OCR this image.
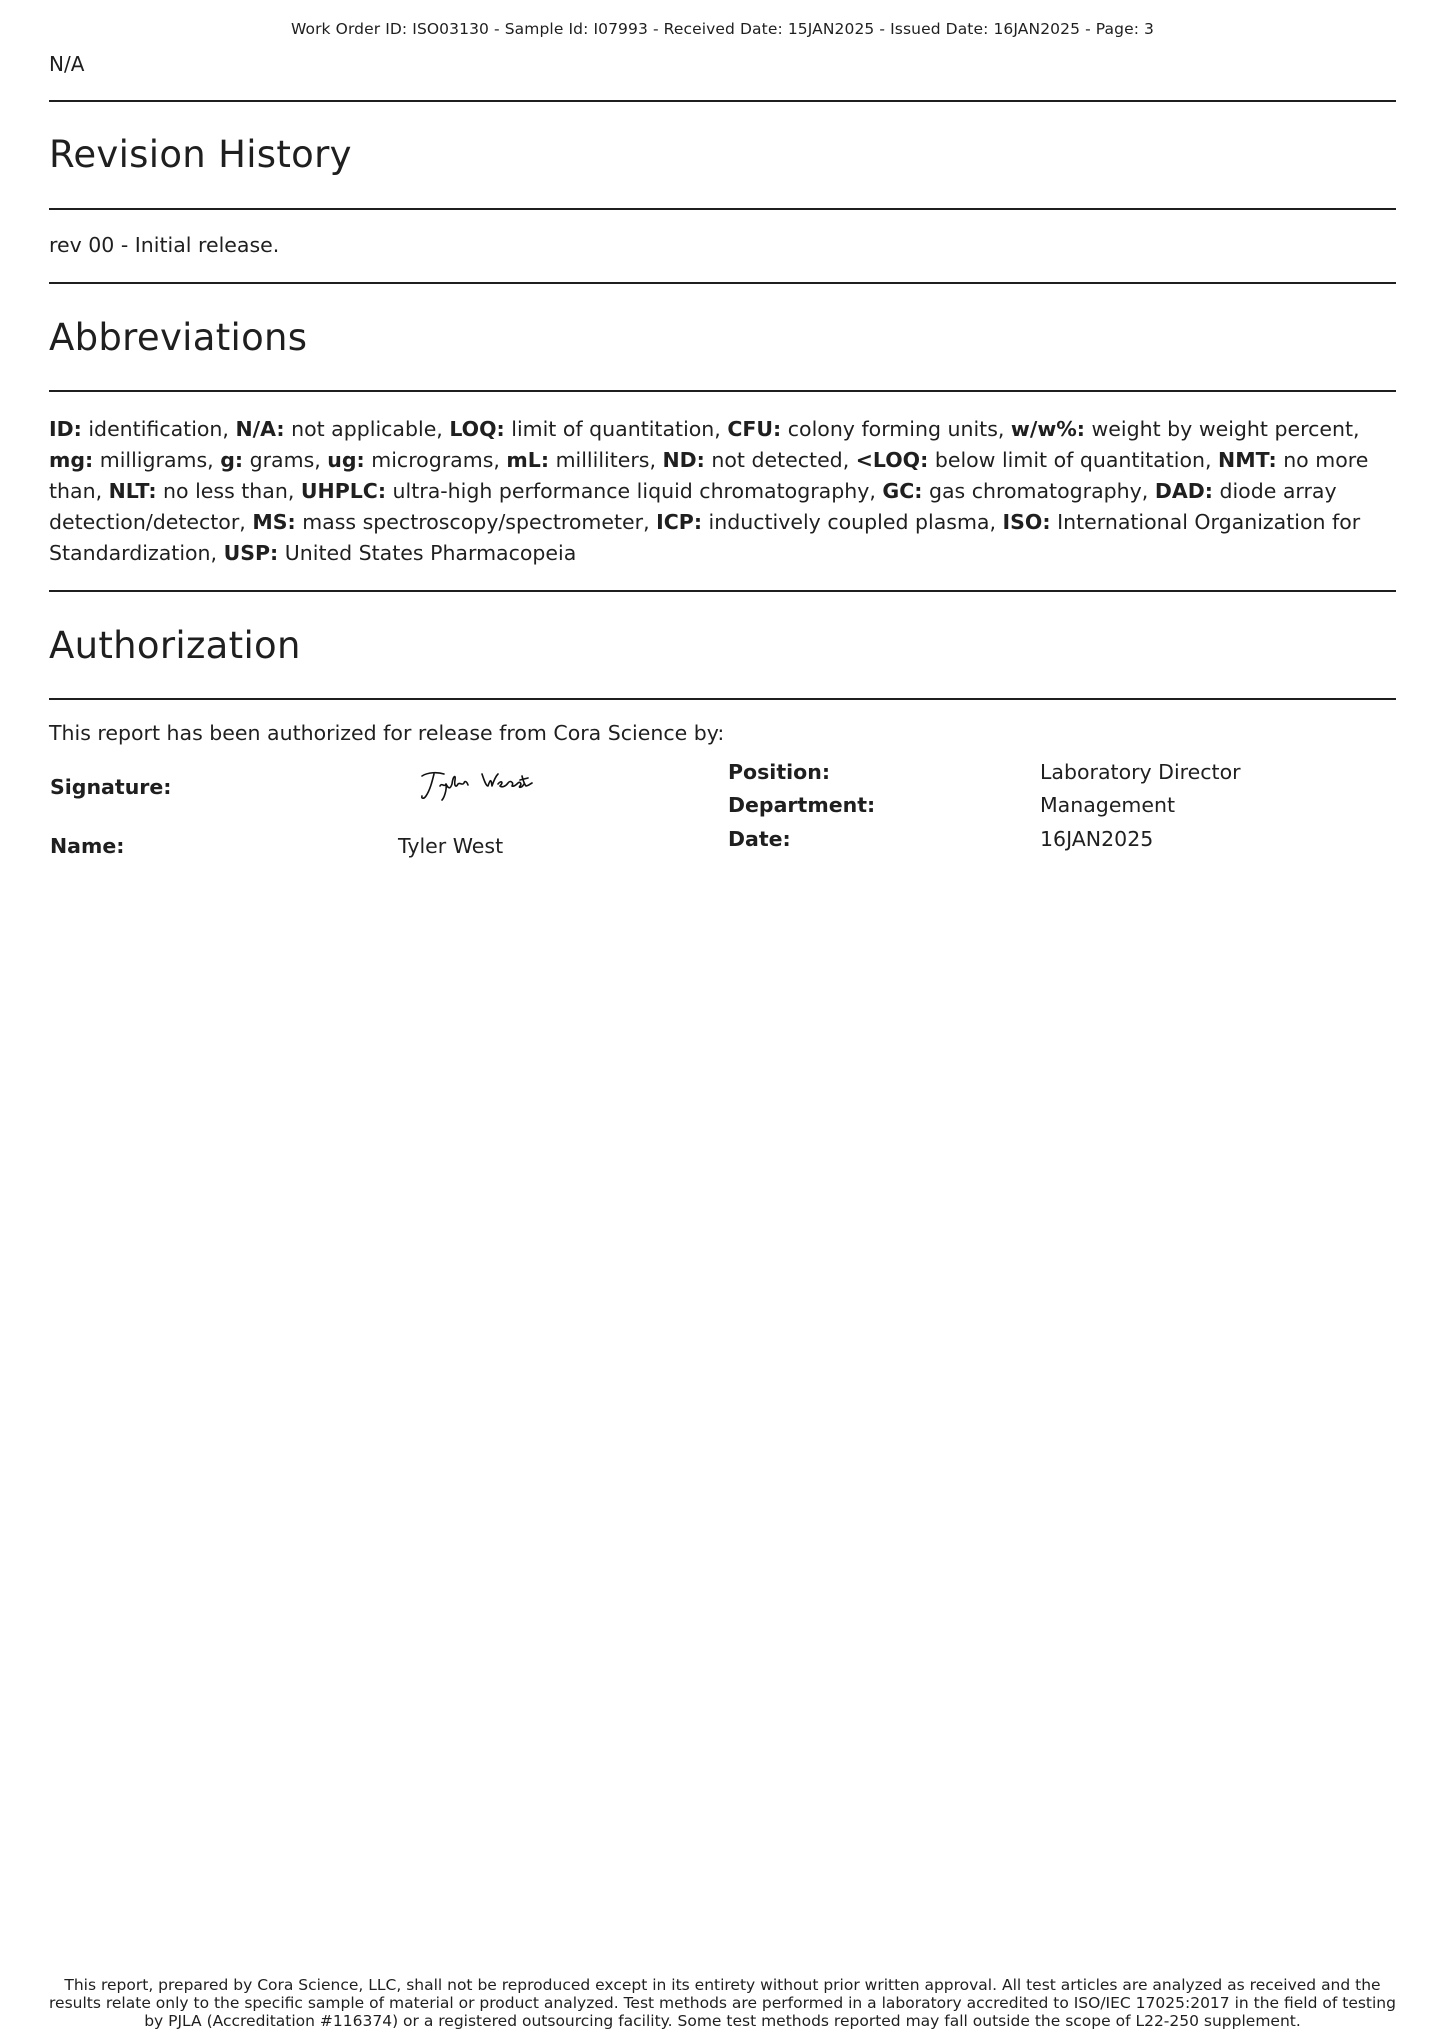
Work Order ID: ISO03130 - Sample Id: I07993 - Received Date: 15JAN2025 - Issued Date: 16JAN2025 - Page: 3
N/A
Revision History
rev 00 - Initial release.
Abbreviations
ID: identification, N/A: not applicable, LOQ: limit of quantitation, CFU: colony forming units, w/w%: weight by weight percent, mg: milligrams, g: grams, ug: micrograms, mL: milliliters, ND: not detected, <LOQ: below limit of quantitation, NMT: no more than, NLT: no less than, UHPLC: ultra-high performance liquid chromatography, GC: gas chromatography, DAD: diode array detection/detector, MS: mass spectroscopy/spectrometer, ICP: inductively coupled plasma, ISO: International Organization for Standardization, USP: United States Pharmacopeia
Authorization
This report has been authorized for release from Cora Science by:
Signature:
Name:	Tyler West
Position:	Laboratory Director
Department:	Management
Date:	16JAN2025
This report, prepared by Cora Science, LLC, shall not be reproduced except in its entirety without prior written approval. All test articles are analyzed as received and the
results relate only to the specific sample of material or product analyzed. Test methods are performed in a laboratory accredited to ISO/IEC 17025:2017 in the field of testing
by PJLA (Accreditation #116374) or a registered outsourcing facility. Some test methods reported may fall outside the scope of L22-250 supplement.
